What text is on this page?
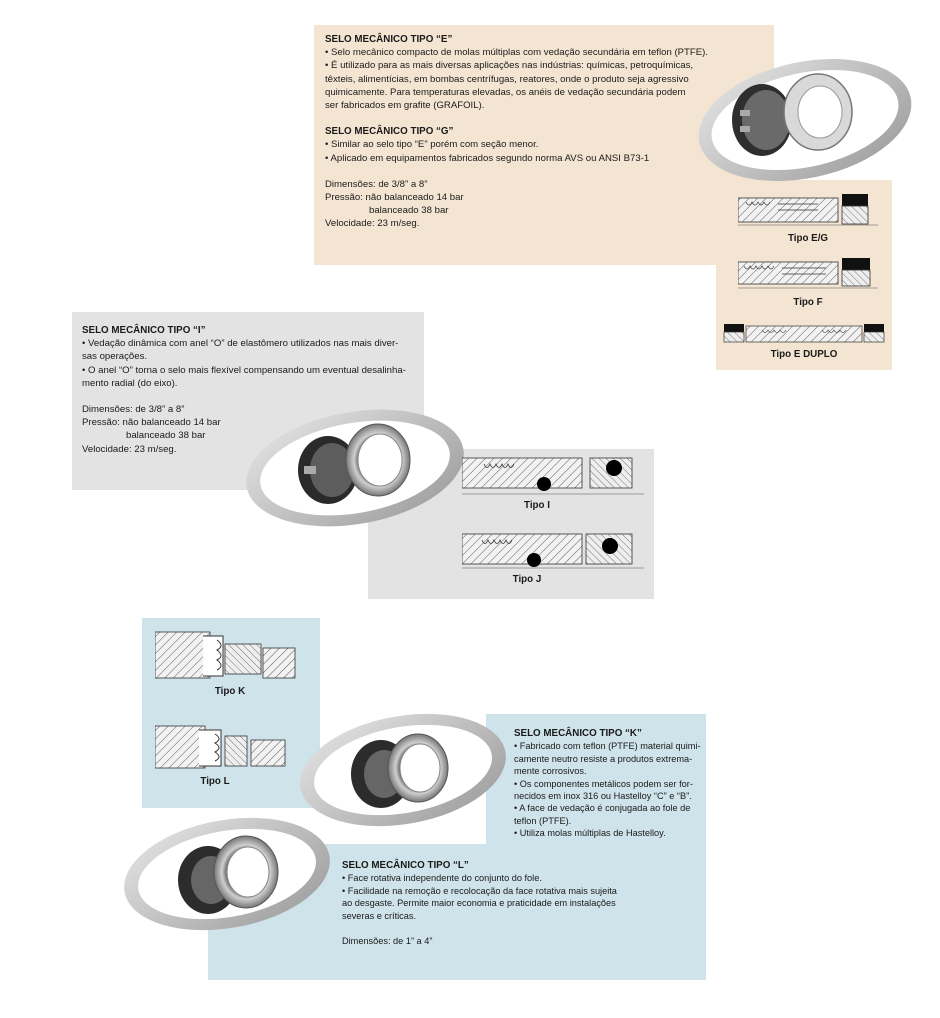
SELO MECÂNICO TIPO “E”

• Selo mecânico compacto de molas múltiplas com vedação secundária em teflon (PTFE).

• É utilizado para as mais diversas aplicações nas indústrias: químicas, petroquímicas,

têxteis, alimentícias, em bombas centrífugas, reatores, onde o produto seja agressivo

quimicamente. Para temperaturas elevadas, os anéis de vedação secundária podem

ser fabricados em grafite (GRAFOIL).

SELO MECÂNICO TIPO “G”

• Similar ao selo tipo “E” porém com seção menor.

• Aplicado em equipamentos fabricados segundo norma AVS ou ANSI B73-1

Dimensões: de 3/8” a 8”

Pressão: não balanceado 14 bar

balanceado 38 bar

Velocidade: 23 m/seg.

Tipo E/G
Tipo F
Tipo E DUPLO

SELO MECÂNICO TIPO “I”

• Vedação dinâmica com anel “O” de elastômero utilizados nas mais diver-

sas operações.

• O anel “O” torna o selo mais flexível compensando um eventual desalinha-

mento radial (do eixo).

Dimensões: de 3/8” a 8”

Pressão: não balanceado 14 bar

balanceado 38 bar

Velocidade: 23 m/seg.

Tipo I
Tipo J
Tipo K
Tipo L

SELO MECÂNICO TIPO “K”

• Fabricado com teflon (PTFE) material quimi-

camente neutro resiste a produtos extrema-

mente corrosivos.

• Os componentes metálicos podem ser for-

necidos em inox 316 ou Hastelloy “C” e “B”.

• A face de vedação é conjugada ao fole de

teflon (PTFE).

• Utiliza molas múltiplas de Hastelloy.

SELO MECÂNICO TIPO “L”

• Face rotativa independente do conjunto do fole.

• Facilidade na remoção e recolocação da face rotativa mais sujeita

ao desgaste. Permite maior economia e praticidade em instalações

severas e críticas.

Dimensões: de 1” a 4”
